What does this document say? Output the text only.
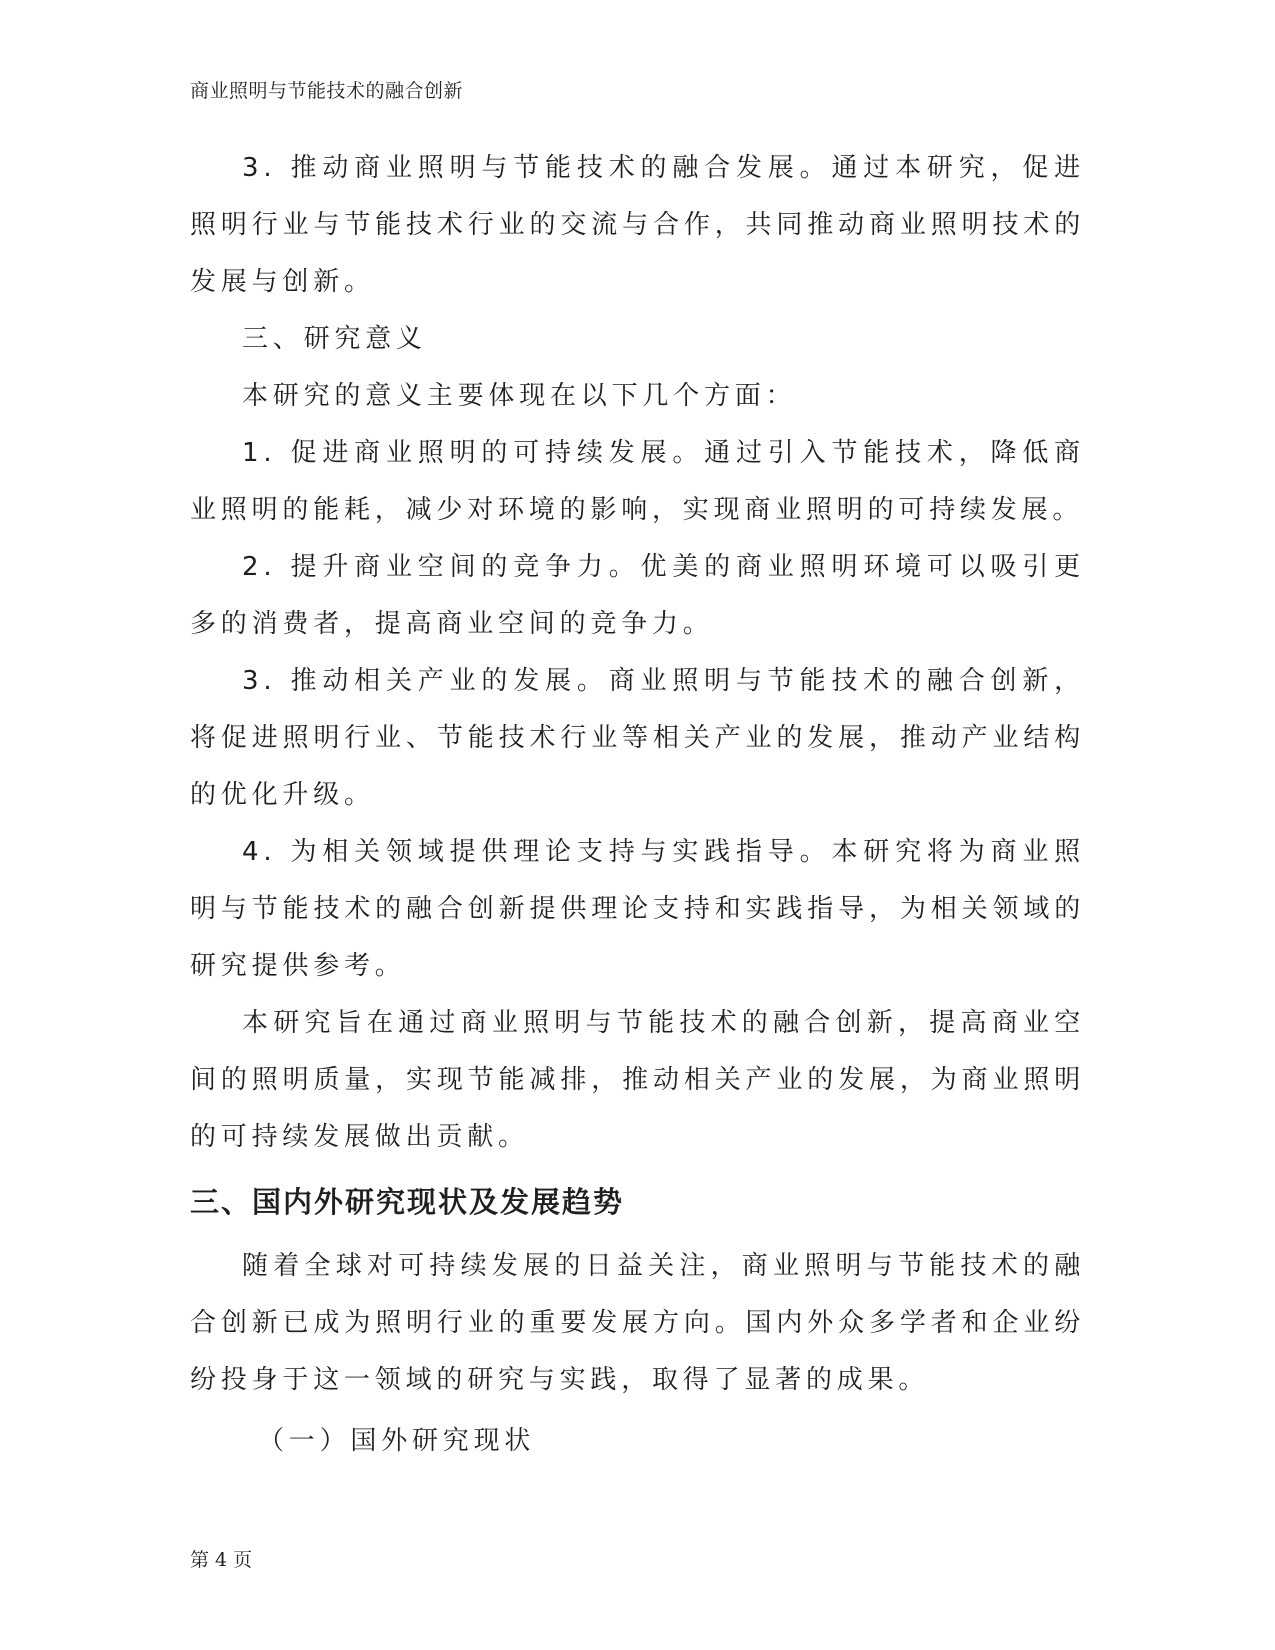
商业照明与节能技术的融合创新

3. 推动商业照明与节能技术的融合发展。通过本研究，促进照明行业与节能技术行业的交流与合作，共同推动商业照明技术的发展与创新。

三、研究意义

本研究的意义主要体现在以下几个方面：

1. 促进商业照明的可持续发展。通过引入节能技术，降低商业照明的能耗，减少对环境的影响，实现商业照明的可持续发展。

2. 提升商业空间的竞争力。优美的商业照明环境可以吸引更多的消费者，提高商业空间的竞争力。

3. 推动相关产业的发展。商业照明与节能技术的融合创新，将促进照明行业、节能技术行业等相关产业的发展，推动产业结构的优化升级。

4. 为相关领域提供理论支持与实践指导。本研究将为商业照明与节能技术的融合创新提供理论支持和实践指导，为相关领域的研究提供参考。

本研究旨在通过商业照明与节能技术的融合创新，提高商业空间的照明质量，实现节能减排，推动相关产业的发展，为商业照明的可持续发展做出贡献。

三、国内外研究现状及发展趋势

随着全球对可持续发展的日益关注，商业照明与节能技术的融合创新已成为照明行业的重要发展方向。国内外众多学者和企业纷纷投身于这一领域的研究与实践，取得了显著的成果。

（一）国外研究现状

第 4 页
